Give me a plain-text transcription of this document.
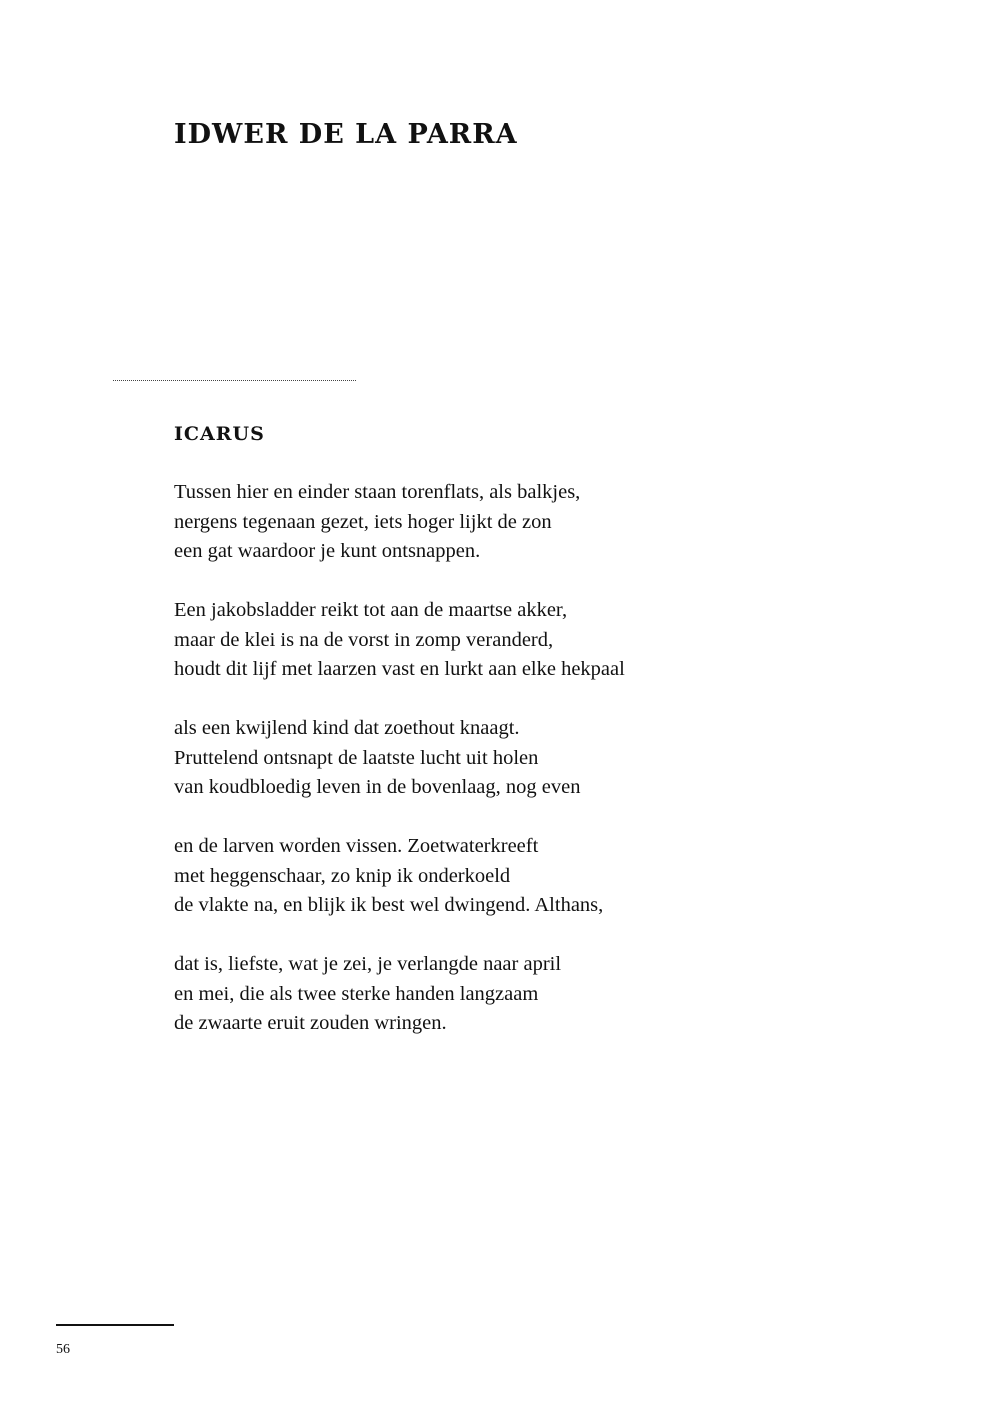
IDWER DE LA PARRA
ICARUS

Tussen hier en einder staan torenflats, als balkjes,
nergens tegenaan gezet, iets hoger lijkt de zon
een gat waardoor je kunt ontsnappen.

Een jakobsladder reikt tot aan de maartse akker,
maar de klei is na de vorst in zomp veranderd,
houdt dit lijf met laarzen vast en lurkt aan elke hekpaal

als een kwijlend kind dat zoethout knaagt.
Pruttelend ontsnapt de laatste lucht uit holen
van koudbloedig leven in de bovenlaag, nog even

en de larven worden vissen. Zoetwaterkreeft
met heggenschaar, zo knip ik onderkoeld
de vlakte na, en blijk ik best wel dwingend. Althans,

dat is, liefste, wat je zei, je verlangde naar april
en mei, die als twee sterke handen langzaam
de zwaarte eruit zouden wringen.

56
